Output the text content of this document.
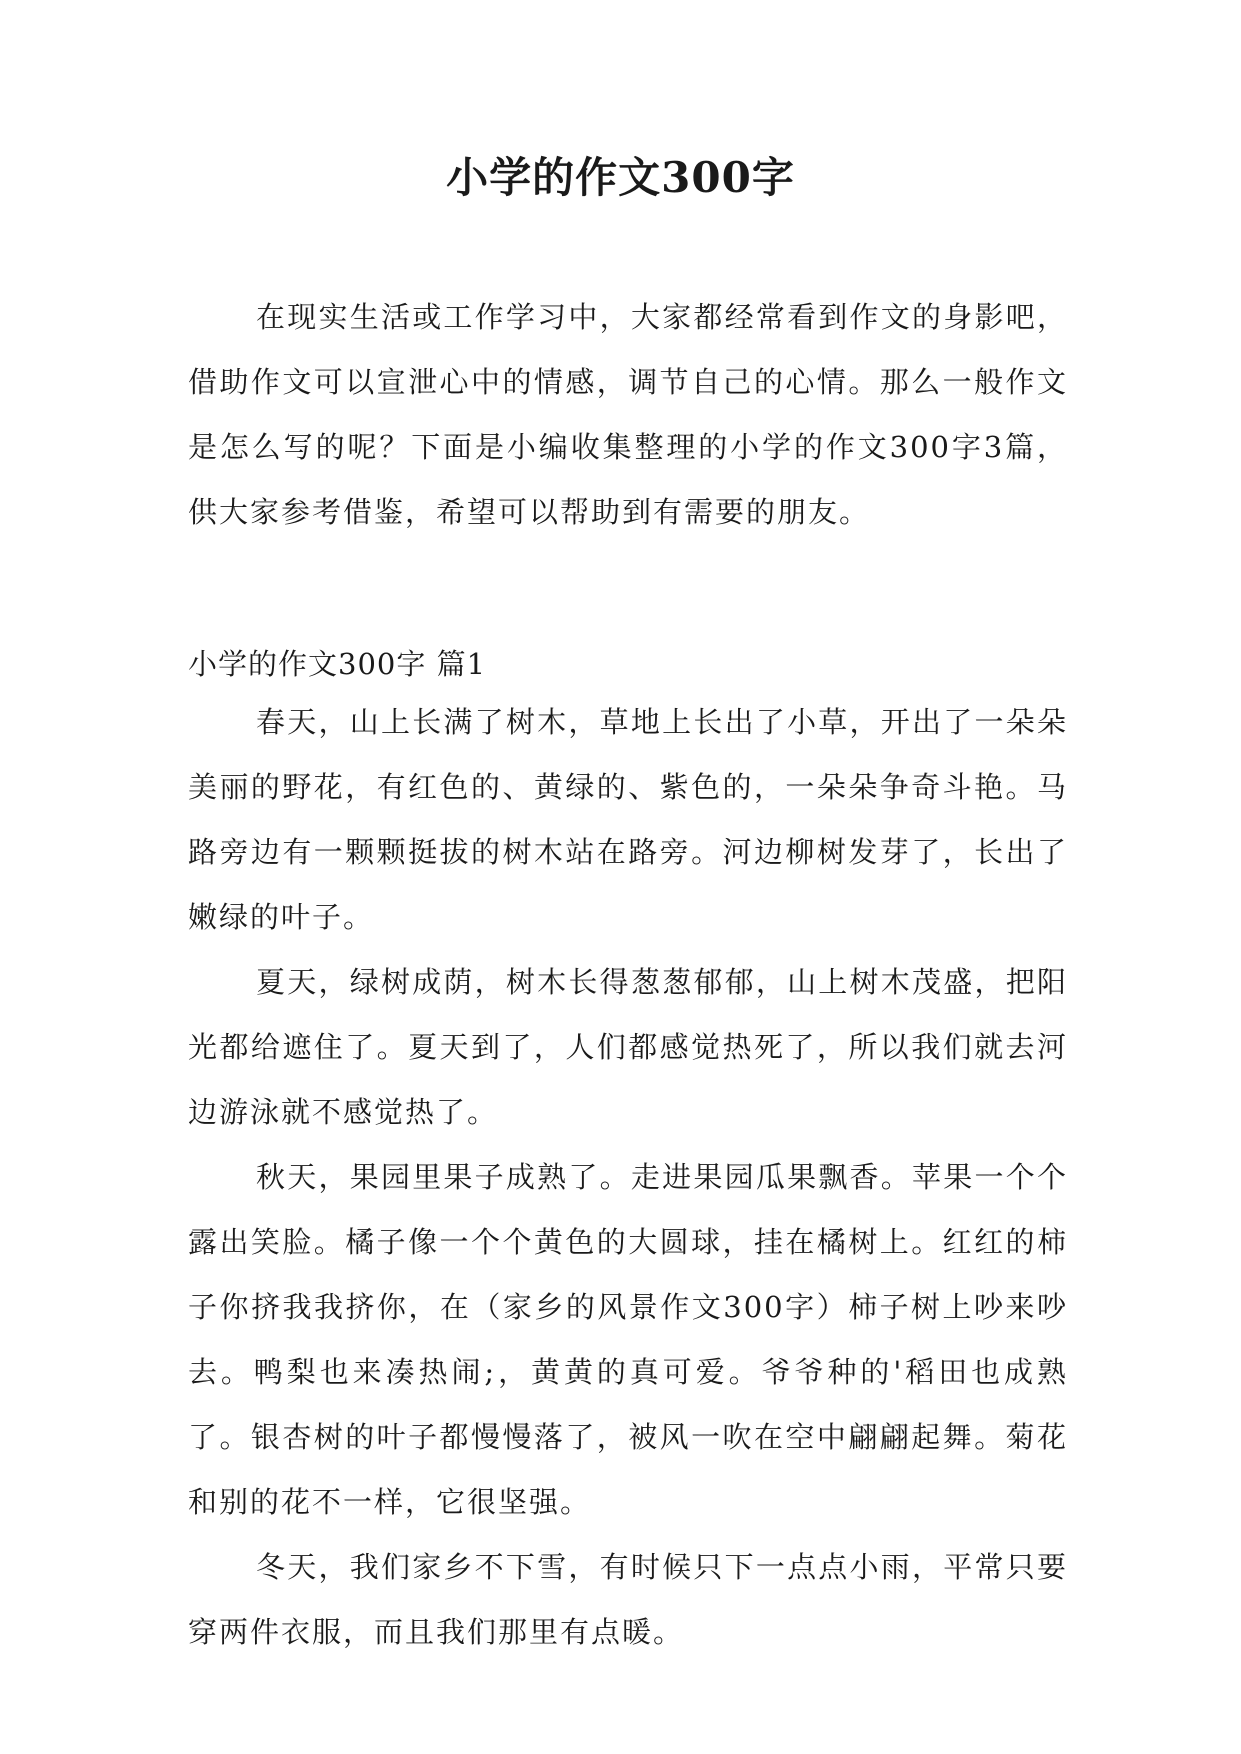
小学的作文300字

在现实生活或工作学习中，大家都经常看到作文的身影吧，借助作文可以宣泄心中的情感，调节自己的心情。那么一般作文是怎么写的呢？下面是小编收集整理的小学的作文300字3篇，供大家参考借鉴，希望可以帮助到有需要的朋友。

小学的作文300字 篇1

春天，山上长满了树木，草地上长出了小草，开出了一朵朵美丽的野花，有红色的、黄绿的、紫色的，一朵朵争奇斗艳。马路旁边有一颗颗挺拔的树木站在路旁。河边柳树发芽了，长出了嫩绿的叶子。

夏天，绿树成荫，树木长得葱葱郁郁，山上树木茂盛，把阳光都给遮住了。夏天到了，人们都感觉热死了，所以我们就去河边游泳就不感觉热了。

秋天，果园里果子成熟了。走进果园瓜果飘香。苹果一个个露出笑脸。橘子像一个个黄色的大圆球，挂在橘树上。红红的柿子你挤我我挤你，在（家乡的风景作文300字）柿子树上吵来吵去。鸭梨也来凑热闹;，黄黄的真可爱。爷爷种的'稻田也成熟了。银杏树的叶子都慢慢落了，被风一吹在空中翩翩起舞。菊花和别的花不一样，它很坚强。

冬天，我们家乡不下雪，有时候只下一点点小雨，平常只要穿两件衣服，而且我们那里有点暖。
